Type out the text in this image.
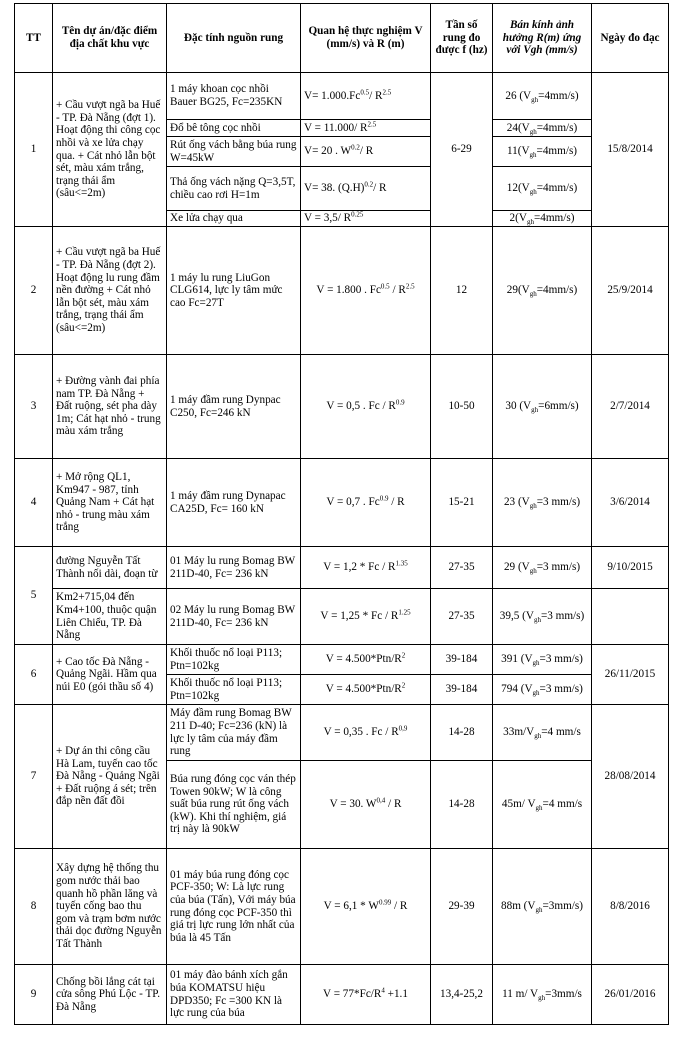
TT	Tên dự án/đặc điểm địa chất khu vực	Đặc tính nguồn rung	Quan hệ thực nghiệm V (mm/s) và R (m)	Tần số rung đo được f (hz)	Bán kính ảnh hưởng R(m) ứng với Vgh (mm/s)	Ngày đo đạc
1	+ Cầu vượt ngã ba Huế - TP. Đà Nẵng (đợt 1). Hoạt động thi công cọc nhồi và xe lửa chạy qua. + Cát nhỏ lẫn bột sét, màu xám trắng, trạng thái ẩm (sâu<=2m)	1 máy khoan cọc nhồi Bauer BG25, Fc=235KN	$V= 1.000.Fc^{0.5}/$ $R^{2.5}$	6-29	26 $(V_{gh}=4mm/s)$	15/8/2014
		Đổ bê tông cọc nhồi	V = 11.000/ $R^{2.5}$		$24(V_{gh}=4mm/s)$	
		Rút ống vách bằng búa rung W=45kW	V= 20 . $W^{0.2}/$ R		$11(V_{gh}=4mm/s)$	
		Thả ống vách nặng Q=3,5T, chiều cao rơi H=1m	V= 38. $(Q.H)^{0.2}/$ R		$12(V_{gh}=4mm/s)$	
		Xe lửa chạy qua	V = 3,5/ $R^{0.25}$		$2(V_{gh}=4mm/s)$	
2	+ Cầu vượt ngã ba Huế - TP. Đà Nẵng (đợt 2). Hoạt động lu rung đầm nền đường + Cát nhỏ lẫn bột sét, màu xám trắng, trạng thái ẩm (sâu<=2m)	1 máy lu rung LiuGon CLG614, lực ly tâm mức cao Fc=27T	V = 1.800 . $Fc^{0.5} / R^{2.5}$	12	$29(V_{gh}=4mm/s)$	25/9/2014
3	+ Đường vành đai phía nam TP. Đà Nẵng + Đất ruộng, sét pha dày 1m; Cát hạt nhỏ - trung màu xám trắng	1 máy đầm rung Dynpac C250, Fc=246 kN	V = 0,5 . Fc / $R^{0.9}$	10-50	30 $(V_{gh}=6mm/s)$	2/7/2014
4	+ Mở rộng QL1, Km947 - 987, tỉnh Quảng Nam + Cát hạt nhỏ - trung màu xám trắng	1 máy đầm rung Dynapac CA25D, Fc= 160 kN	V = 0,7 . $Fc^{0.9}$ / R	15-21	23 ($V_{gh}=3$ mm/s)	3/6/2014
5	đường Nguyễn Tất Thành nối dài, đoạn từ	01 Máy lu rung Bomag BW 211D-40, Fc= 236 kN	$V = 1,2 * Fc / R^{1.35}$	27-35	29 ($V_{gh}=3$ mm/s)	9/10/2015
	Km2+715,04 đến Km4+100, thuộc quận Liên Chiểu, TP. Đà Nẵng	02 Máy lu rung Bomag BW 211D-40, Fc= 236 kN	$V = 1,25 * Fc / R^{1.25}$	27-35	39,5 ($V_{gh}=3$ mm/s)	
6	+ Cao tốc Đà Nẵng - Quảng Ngãi. Hầm qua núi E0 (gói thầu số 4)	Khối thuốc nổ loại P113; Ptn=102kg	$V = 4.500*Ptn/R^2$	39-184	391 ($V_{gh}=3$ mm/s)	26/11/2015
		Khối thuốc nổ loại P113; Ptn=102kg	$V = 4.500*Ptn/R^2$	39-184	794 ($V_{gh}=3$ mm/s)	
7	+ Dự án thi công cầu Hà Lam, tuyến cao tốc Đà Nẵng - Quảng Ngãi + Đất ruộng á sét; trên đắp nền đất đồi	Máy đầm rung Bomag BW 211 D-40; Fc=236 (kN) là lực ly tâm của máy đầm rung	V = 0,35 . Fc / R$^{0,9}$	14-28	$33m/V_{gh}=4$ mm/s	28/08/2014
		Búa rung đóng cọc ván thép Towen 90kW; W là công suất búa rung rút ống vách (kW). Khi thí nghiệm, giá trị này là 90kW	V = 30. W$^{0,4}$ / R	14-28	45m/ $V_{gh}=4$ mm/s	
8	Xây dựng hệ thống thu gom nước thải bao quanh hồ phần lăng và tuyến cống bao thu gom và trạm bơm nước thải dọc đường Nguyễn Tất Thành	01 máy búa rung đóng cọc PCF-350; W: Là lực rung của búa (Tấn), Với máy búa rung đóng cọc PCF-350 thì giá trị lực rung lớn nhất của búa là 45 Tấn	$V = 6,1 * W^{0.99} / R$	29-39	88m $(V_{gh}=3mm/s)$	8/8/2016
9	Chống bồi lắng cát tại cửa sông Phú Lộc - TP. Đà Nẵng	01 máy đào bánh xích gắn búa KOMATSU hiệu DPD350; Fc =300 KN là lực rung của búa	$V = 77*Fc/R^4 +1.1$	13,4-25,2	11 m/ $V_{gh}=3mm/s$	26/01/2016
